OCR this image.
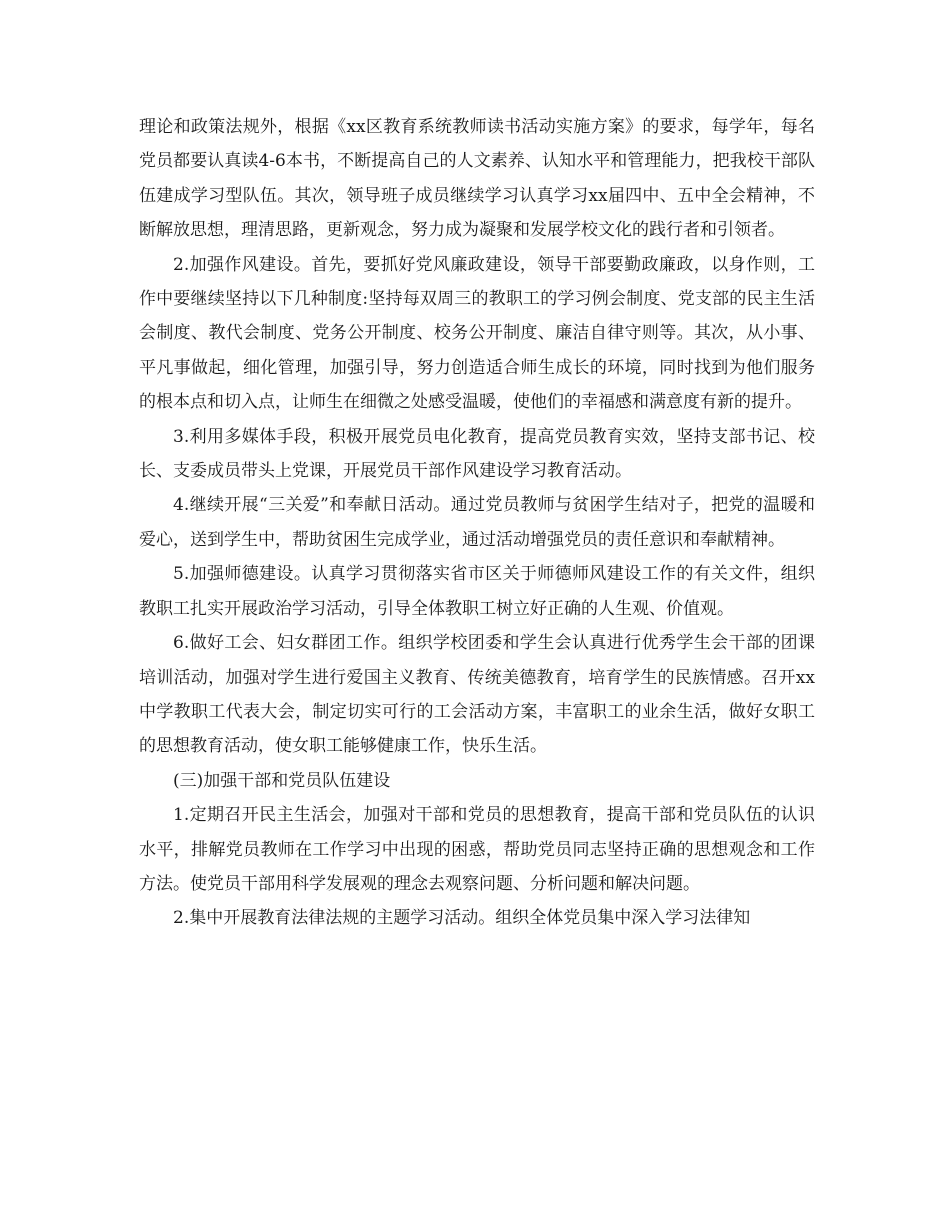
理论和政策法规外，根据《xx区教育系统教师读书活动实施方案》的要求，每学年，每名党员都要认真读4-6本书，不断提高自己的人文素养、认知水平和管理能力，把我校干部队伍建成学习型队伍。其次，领导班子成员继续学习认真学习xx届四中、五中全会精神，不断解放思想，理清思路，更新观念，努力成为凝聚和发展学校文化的践行者和引领者。

2.加强作风建设。首先，要抓好党风廉政建设，领导干部要勤政廉政，以身作则，工作中要继续坚持以下几种制度:坚持每双周三的教职工的学习例会制度、党支部的民主生活会制度、教代会制度、党务公开制度、校务公开制度、廉洁自律守则等。其次，从小事、平凡事做起，细化管理，加强引导，努力创造适合师生成长的环境，同时找到为他们服务的根本点和切入点，让师生在细微之处感受温暖，使他们的幸福感和满意度有新的提升。

3.利用多媒体手段，积极开展党员电化教育，提高党员教育实效，坚持支部书记、校长、支委成员带头上党课，开展党员干部作风建设学习教育活动。

4.继续开展“三关爱”和奉献日活动。通过党员教师与贫困学生结对子，把党的温暖和爱心，送到学生中，帮助贫困生完成学业，通过活动增强党员的责任意识和奉献精神。

5.加强师德建设。认真学习贯彻落实省市区关于师德师风建设工作的有关文件，组织教职工扎实开展政治学习活动，引导全体教职工树立好正确的人生观、价值观。

6.做好工会、妇女群团工作。组织学校团委和学生会认真进行优秀学生会干部的团课培训活动，加强对学生进行爱国主义教育、传统美德教育，培育学生的民族情感。召开xx中学教职工代表大会，制定切实可行的工会活动方案，丰富职工的业余生活，做好女职工的思想教育活动，使女职工能够健康工作，快乐生活。

(三)加强干部和党员队伍建设

1.定期召开民主生活会，加强对干部和党员的思想教育，提高干部和党员队伍的认识水平，排解党员教师在工作学习中出现的困惑，帮助党员同志坚持正确的思想观念和工作方法。使党员干部用科学发展观的理念去观察问题、分析问题和解决问题。

2.集中开展教育法律法规的主题学习活动。组织全体党员集中深入学习法律知
